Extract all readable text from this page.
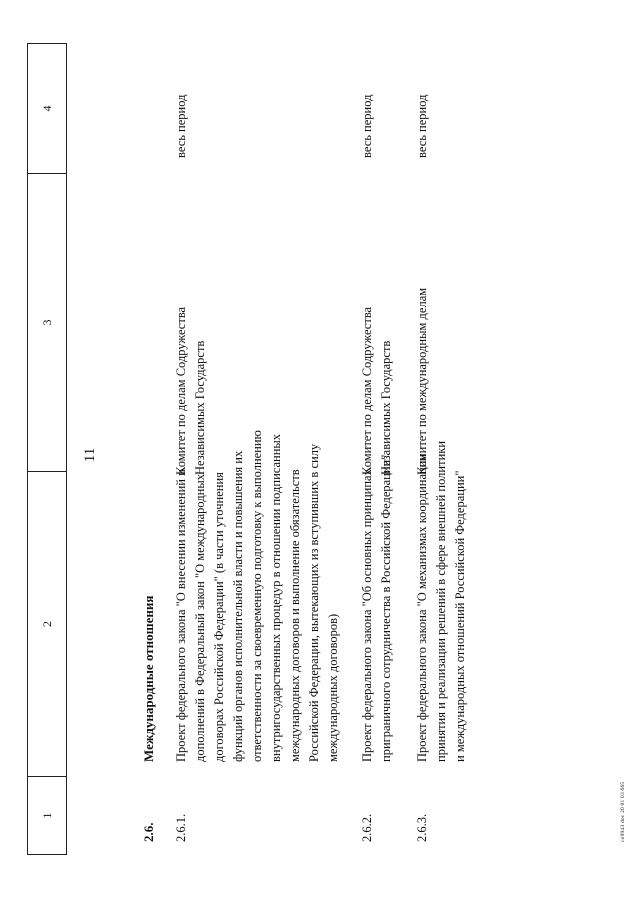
11
1	2	3	4
2.6.
Международные отношения
2.6.1.
Проект федерального закона "О внесении изменений и дополнений в Федеральный закон "О международных договорах Российской Федерации" (в части уточнения функций органов исполнительной власти и повышения их ответственности за своевременную подготовку к выполнению внутригосударственных процедур в отношении подписанных международных договоров и выполнение обязательств Российской Федерации, вытекающих из вступивших в силу международных договоров)
Комитет по делам Содружества Независимых Государств
весь период
2.6.2.
Проект федерального закона "Об основных принципах приграничного сотрудничества в Российской Федерации"
Комитет по делам Содружества Независимых Государств
весь период
2.6.3.
Проект федерального закона "О механизмах координации принятия и реализации решений в сфере внешней политики и международных отношений Российской Федерации"
Комитет по международным делам
весь период
со9943 doc 20 01 03 665
